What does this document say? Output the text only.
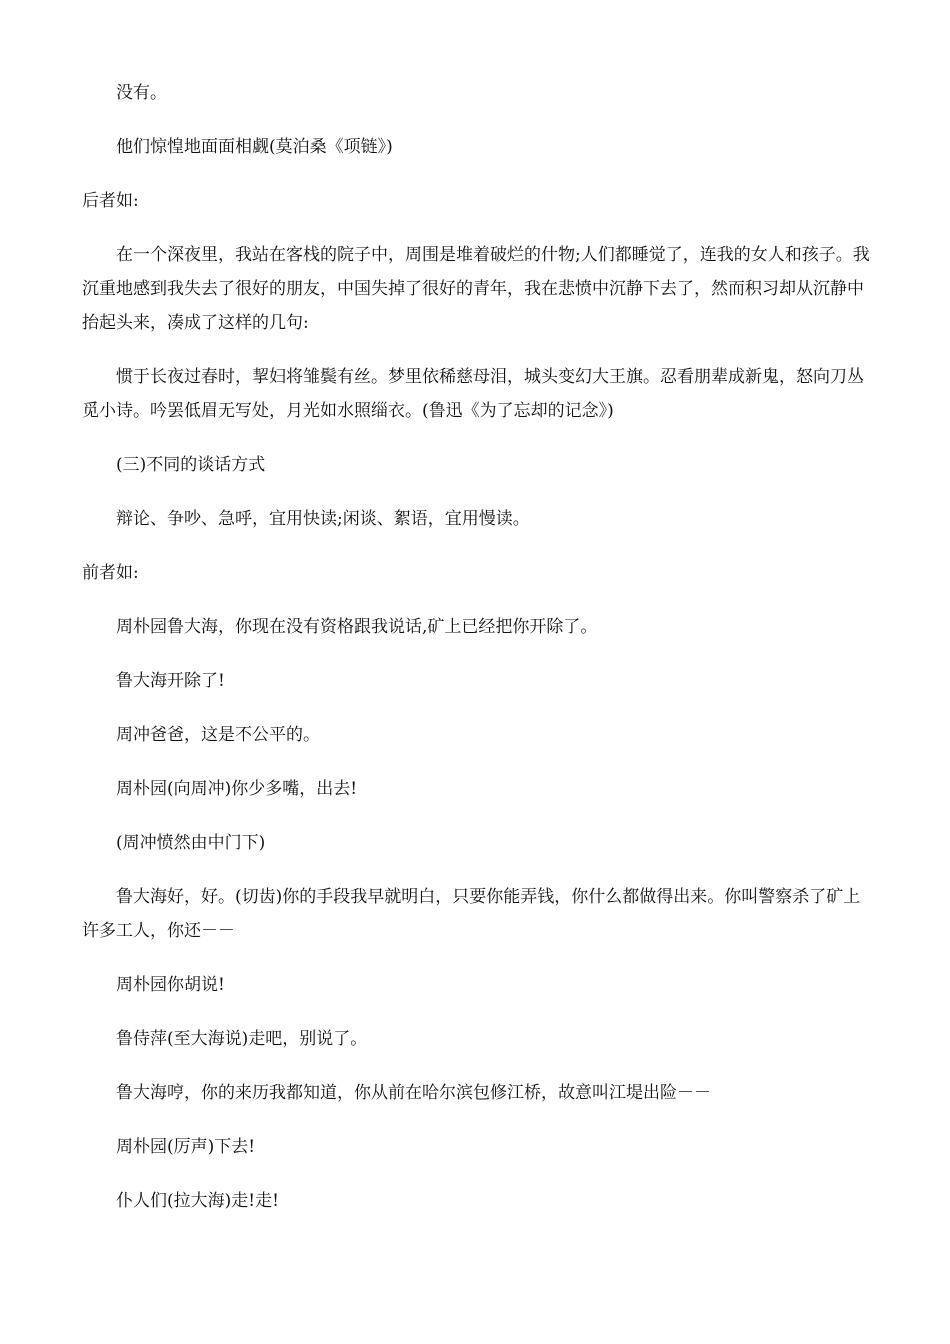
没有。

他们惊惶地面面相觑(莫泊桑《项链》)

后者如:

在一个深夜里，我站在客栈的院子中，周围是堆着破烂的什物;人们都睡觉了，连我的女人和孩子。我沉重地感到我失去了很好的朋友，中国失掉了很好的青年，我在悲愤中沉静下去了，然而积习却从沉静中抬起头来，凑成了这样的几句:

惯于长夜过春时，挈妇将雏鬓有丝。梦里依稀慈母泪，城头变幻大王旗。忍看朋辈成新鬼，怒向刀丛觅小诗。吟罢低眉无写处，月光如水照缁衣。(鲁迅《为了忘却的记念》)

(三)不同的谈话方式

辩论、争吵、急呼，宜用快读;闲谈、絮语，宜用慢读。

前者如:

周朴园鲁大海，你现在没有资格跟我说话,矿上已经把你开除了。

鲁大海开除了!

周冲爸爸，这是不公平的。

周朴园(向周冲)你少多嘴，出去!

(周冲愤然由中门下)

鲁大海好，好。(切齿)你的手段我早就明白，只要你能弄钱，你什么都做得出来。你叫警察杀了矿上许多工人，你还－－

周朴园你胡说!

鲁侍萍(至大海说)走吧，别说了。

鲁大海哼，你的来历我都知道，你从前在哈尔滨包修江桥，故意叫江堤出险－－

周朴园(厉声)下去!

仆人们(拉大海)走!走!
